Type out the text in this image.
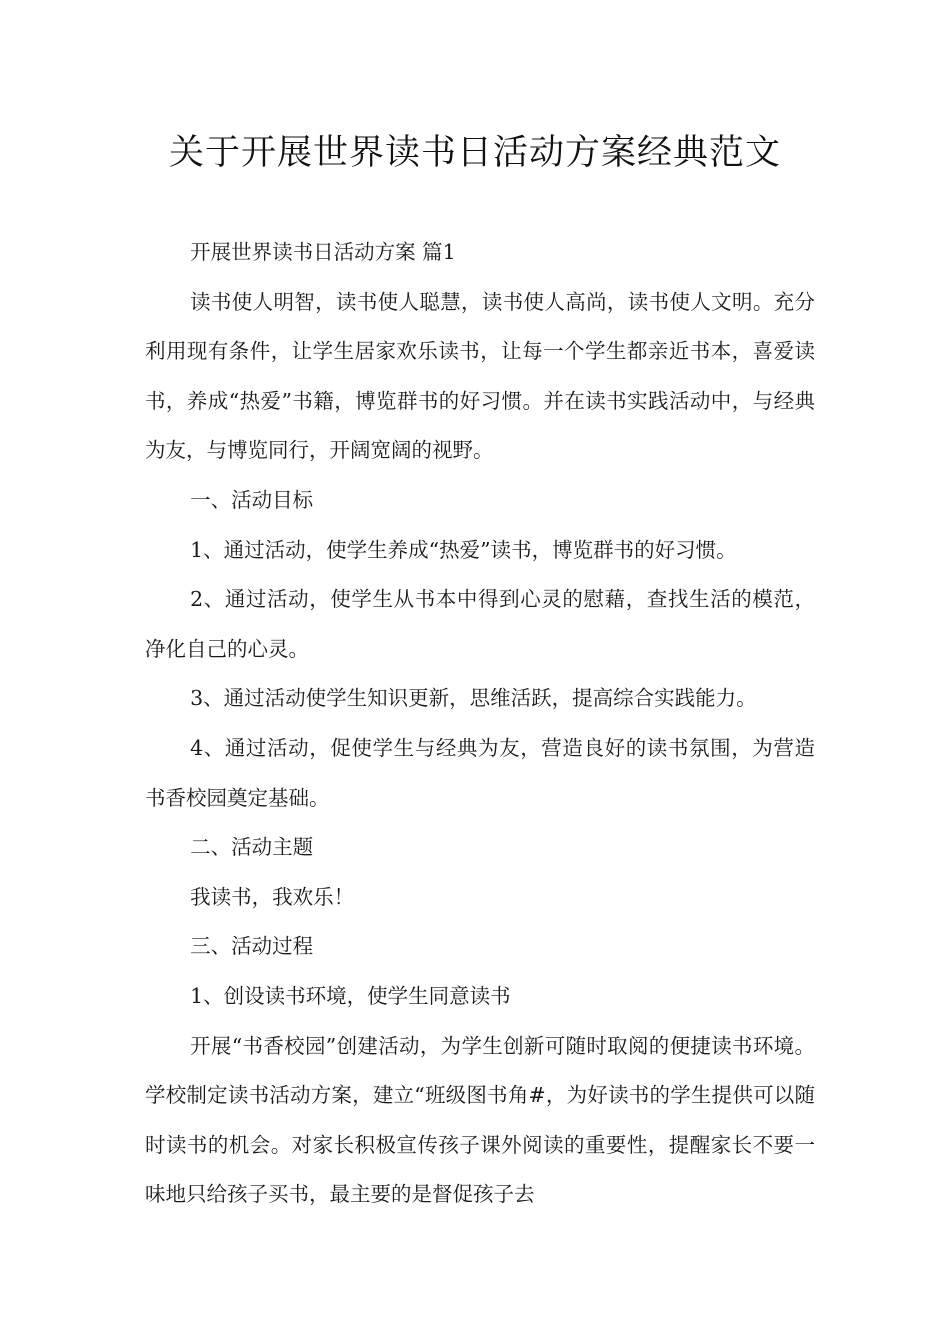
关于开展世界读书日活动方案经典范文

开展世界读书日活动方案 篇1

读书使人明智，读书使人聪慧，读书使人高尚，读书使人文明。充分利用现有条件，让学生居家欢乐读书，让每一个学生都亲近书本，喜爱读书，养成“热爱”书籍，博览群书的好习惯。并在读书实践活动中，与经典为友，与博览同行，开阔宽阔的视野。

一、活动目标

1、通过活动，使学生养成“热爱”读书，博览群书的好习惯。

2、通过活动，使学生从书本中得到心灵的慰藉，查找生活的模范，净化自己的心灵。

3、通过活动使学生知识更新，思维活跃，提高综合实践能力。

4、通过活动，促使学生与经典为友，营造良好的读书氛围，为营造书香校园奠定基础。

二、活动主题

我读书，我欢乐！

三、活动过程

1、创设读书环境，使学生同意读书

开展“书香校园”创建活动，为学生创新可随时取阅的便捷读书环境。学校制定读书活动方案，建立“班级图书角#，为好读书的学生提供可以随时读书的机会。对家长积极宣传孩子课外阅读的重要性，提醒家长不要一味地只给孩子买书，最主要的是督促孩子去
